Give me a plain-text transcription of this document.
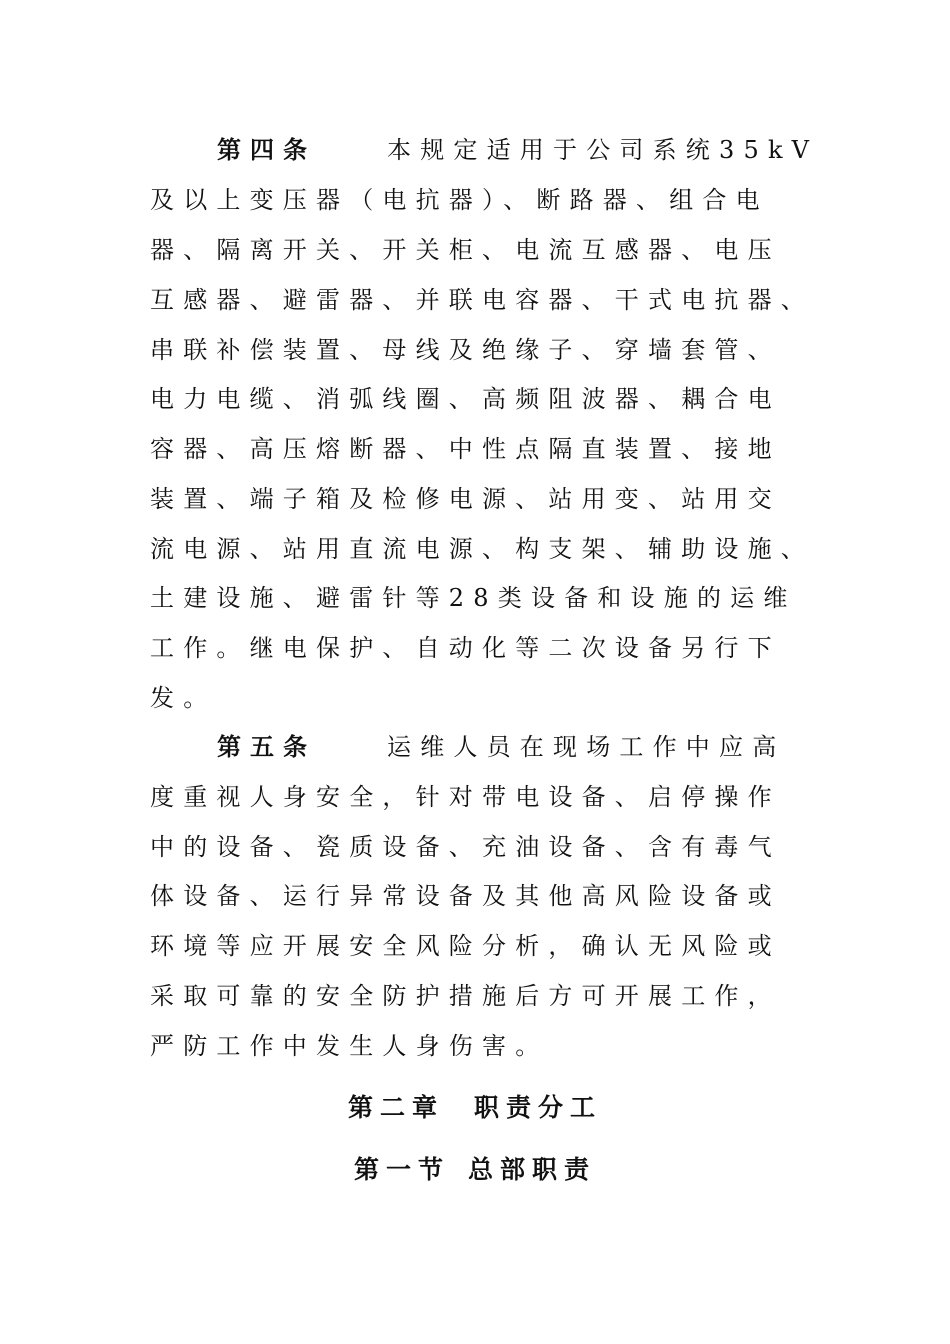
第四条	本规定适用于公司系统35kV
及以上变压器（电抗器）、断路器、组合电
器、隔离开关、开关柜、电流互感器、电压
互感器、避雷器、并联电容器、干式电抗器、
串联补偿装置、母线及绝缘子、穿墙套管、
电力电缆、消弧线圈、高频阻波器、耦合电
容器、高压熔断器、中性点隔直装置、接地
装置、端子箱及检修电源、站用变、站用交
流电源、站用直流电源、构支架、辅助设施、
土建设施、避雷针等28类设备和设施的运维
工作。继电保护、自动化等二次设备另行下
发。
第五条	运维人员在现场工作中应高
度重视人身安全，针对带电设备、启停操作
中的设备、瓷质设备、充油设备、含有毒气
体设备、运行异常设备及其他高风险设备或
环境等应开展安全风险分析，确认无风险或
采取可靠的安全防护措施后方可开展工作，
严防工作中发生人身伤害。
第二章 职责分工
第一节 总部职责
